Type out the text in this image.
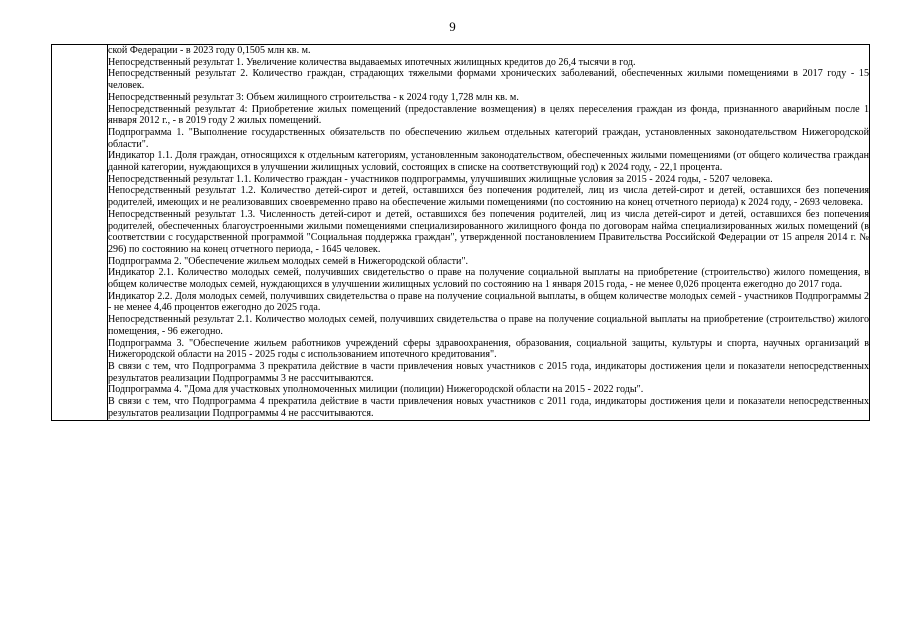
9

ской Федерации - в 2023 году 0,1505 млн кв. м.

Непосредственный результат 1. Увеличение количества выдаваемых ипотечных жилищных кредитов до 26,4 тысячи в год.

Непосредственный результат 2. Количество граждан, страдающих тяжелыми формами хронических заболеваний, обеспеченных жилыми помещениями в 2017 году - 15 человек.

Непосредственный результат 3: Объем жилищного строительства - к 2024 году 1,728 млн кв. м.

Непосредственный результат 4: Приобретение жилых помещений (предоставление возмещения) в целях переселения граждан из фонда, признанного аварийным после 1 января 2012 г., - в 2019 году 2 жилых помещений.

Подпрограмма 1. "Выполнение государственных обязательств по обеспечению жильем отдельных категорий граждан, установленных законодательством Нижегородской области".

Индикатор 1.1. Доля граждан, относящихся к отдельным категориям, установленным законодательством, обеспеченных жилыми помещениями (от общего количества граждан данной категории, нуждающихся в улучшении жилищных условий, состоящих в списке на соответствующий год) к 2024 году, - 22,1 процента.

Непосредственный результат 1.1. Количество граждан - участников подпрограммы, улучшивших жилищные условия за 2015 - 2024 годы, - 5207 человека.

Непосредственный результат 1.2. Количество детей-сирот и детей, оставшихся без попечения родителей, лиц из числа детей-сирот и детей, оставшихся без попечения родителей, имеющих и не реализовавших своевременно право на обеспечение жилыми помещениями (по состоянию на конец отчетного периода) к 2024 году, - 2693 человека.

Непосредственный результат 1.3. Численность детей-сирот и детей, оставшихся без попечения родителей, лиц из числа детей-сирот и детей, оставшихся без попечения родителей, обеспеченных благоустроенными жилыми помещениями специализированного жилищного фонда по договорам найма специализированных жилых помещений (в соответствии с государственной программой "Социальная поддержка граждан", утвержденной постановлением Правительства Российской Федерации от 15 апреля 2014 г. № 296) по состоянию на конец отчетного периода, - 1645 человек.

Подпрограмма 2. "Обеспечение жильем молодых семей в Нижегородской области".

Индикатор 2.1. Количество молодых семей, получивших свидетельство о праве на получение социальной выплаты на приобретение (строительство) жилого помещения, в общем количестве молодых семей, нуждающихся в улучшении жилищных условий по состоянию на 1 января 2015 года, - не менее 0,026 процента ежегодно до 2017 года.

Индикатор 2.2. Доля молодых семей, получивших свидетельства о праве на получение социальной выплаты, в общем количестве молодых семей - участников Подпрограммы 2 - не менее 4,46 процентов ежегодно до 2025 года.

Непосредственный результат 2.1. Количество молодых семей, получивших свидетельства о праве на получение социальной выплаты на приобретение (строительство) жилого помещения, - 96 ежегодно.

Подпрограмма 3. "Обеспечение жильем работников учреждений сферы здравоохранения, образования, социальной защиты, культуры и спорта, научных организаций в Нижегородской области на 2015 - 2025 годы с использованием ипотечного кредитования".

В связи с тем, что Подпрограмма 3 прекратила действие в части привлечения новых участников с 2015 года, индикаторы достижения цели и показатели непосредственных результатов реализации Подпрограммы 3 не рассчитываются.

Подпрограмма 4. "Дома для участковых уполномоченных милиции (полиции) Нижегородской области на 2015 - 2022 годы".

В связи с тем, что Подпрограмма 4 прекратила действие в части привлечения новых участников с 2011 года, индикаторы достижения цели и показатели непосредственных результатов реализации Подпрограммы 4 не рассчитываются.
